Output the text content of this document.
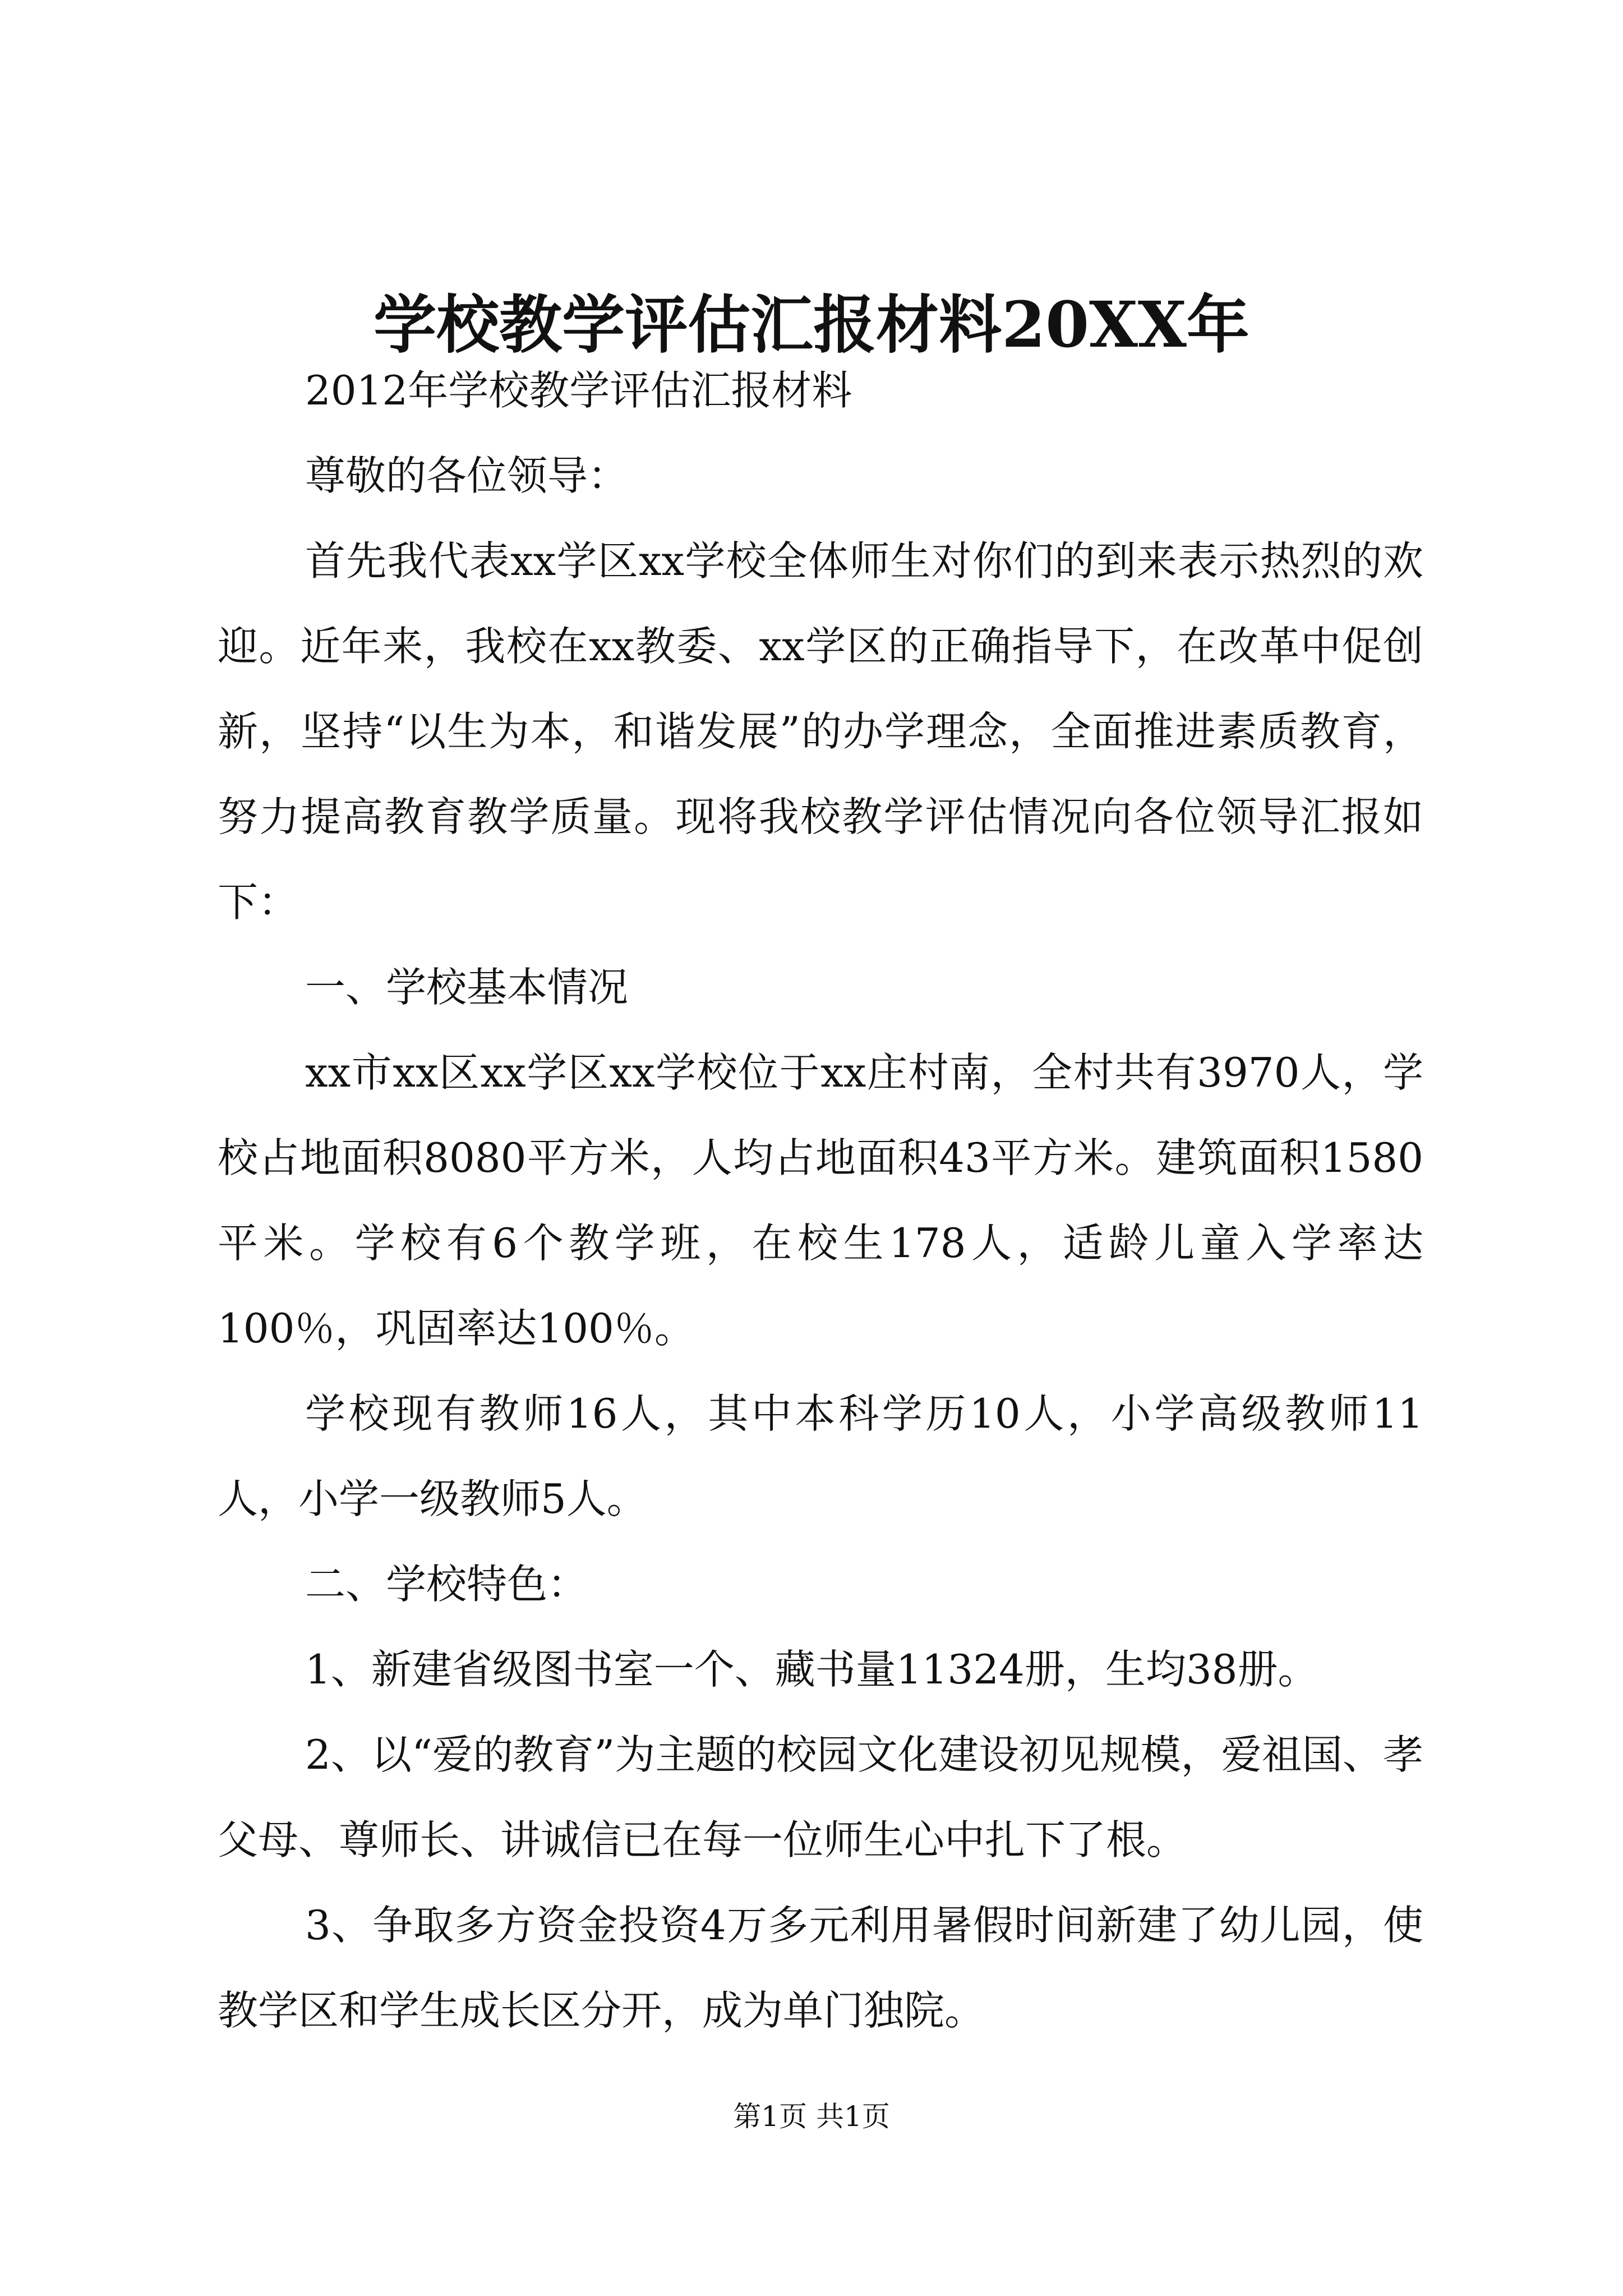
学校教学评估汇报材料20XX年

2012年学校教学评估汇报材料

尊敬的各位领导：

首先我代表xx学区xx学校全体师生对你们的到来表示热烈的欢迎。近年来，我校在xx教委、xx学区的正确指导下，在改革中促创新，坚持“以生为本，和谐发展”的办学理念，全面推进素质教育，努力提高教育教学质量。现将我校教学评估情况向各位领导汇报如下：

一、学校基本情况

xx市xx区xx学区xx学校位于xx庄村南，全村共有3970人，学校占地面积8080平方米，人均占地面积43平方米。建筑面积1580平米。学校有6个教学班，在校生178人，适龄儿童入学率达100％，巩固率达100％。

学校现有教师16人，其中本科学历10人，小学高级教师11人，小学一级教师5人。

二、学校特色：

1、新建省级图书室一个、藏书量11324册，生均38册。

2、以“爱的教育”为主题的校园文化建设初见规模，爱祖国、孝父母、尊师长、讲诚信已在每一位师生心中扎下了根。

3、争取多方资金投资4万多元利用暑假时间新建了幼儿园，使教学区和学生成长区分开，成为单门独院。

第1页 共1页
